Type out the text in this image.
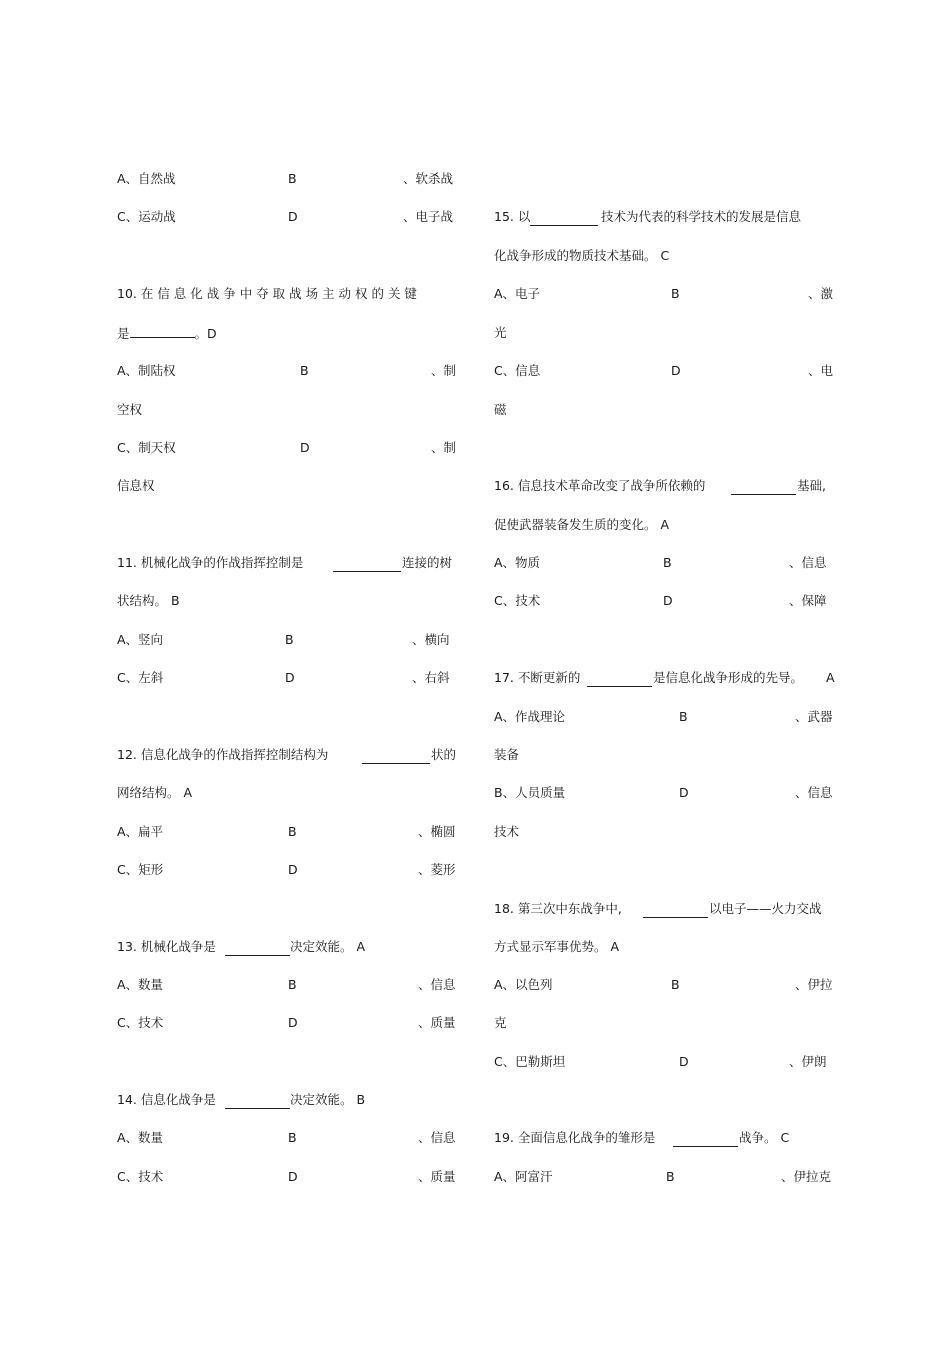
A、自然战	B	、软杀战
C、运动战	D	、电子战
10. 在 信 息 化 战 争 中 夺 取 战 场 主 动 权 的 关 键
是	。D
A、制陆权	B	、制
空权
C、制天权	D	、制
信息权
11. 机械化战争的作战指挥控制是	连接的树
状结构。 B
A、竖向	B	、横向
C、左斜	D	、右斜
12. 信息化战争的作战指挥控制结构为	状的
网络结构。 A
A、扁平	B	、椭圆
C、矩形	D	、菱形
13. 机械化战争是	决定效能。 A
A、数量	B	、信息
C、技术	D	、质量
14. 信息化战争是	决定效能。 B
A、数量	B	、信息
C、技术	D	、质量
15. 以	技术为代表的科学技术的发展是信息
化战争形成的物质技术基础。 C
A、电子	B	、激
光
C、信息	D	、电
磁
16. 信息技术革命改变了战争所依赖的	基础,
促使武器装备发生质的变化。 A
A、物质	B	、信息
C、技术	D	、保障
17. 不断更新的	是信息化战争形成的先导。 A
A、作战理论	B	、武器
装备
B、人员质量	D	、信息
技术
18. 第三次中东战争中,	以电子——火力交战
方式显示军事优势。 A
A、以色列	B	、伊拉
克
C、巴勒斯坦	D	、伊朗
19. 全面信息化战争的雏形是	战争。 C
A、阿富汗	B	、伊拉克
